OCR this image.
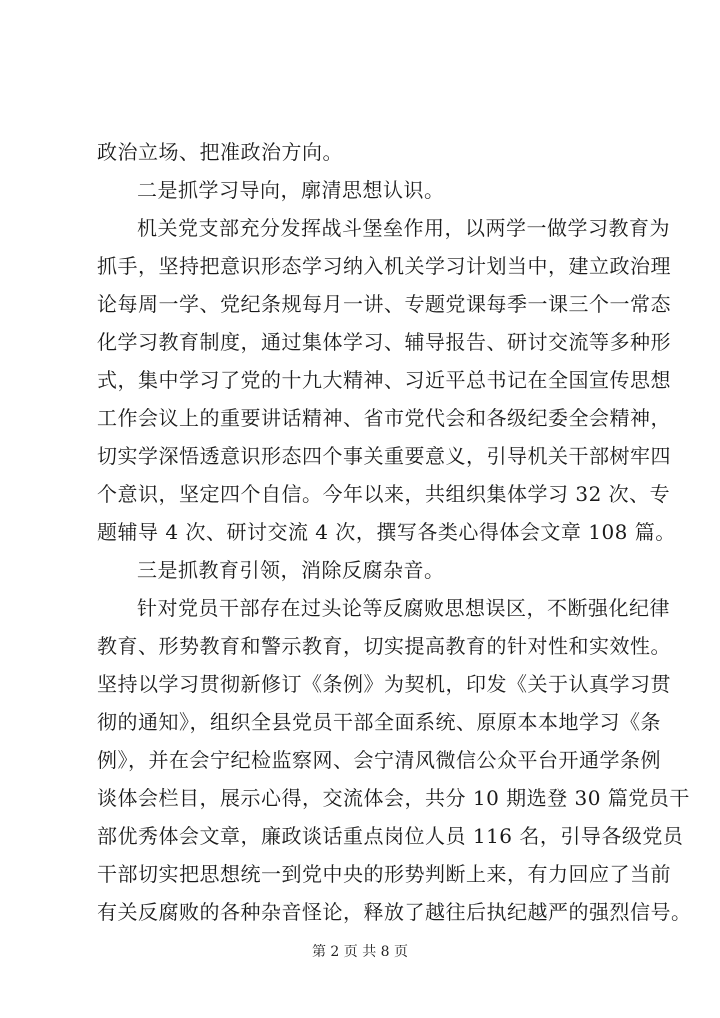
政治立场、把准政治方向。
二是抓学习导向，廓清思想认识。
机关党支部充分发挥战斗堡垒作用，以两学一做学习教育为
抓手，坚持把意识形态学习纳入机关学习计划当中，建立政治理
论每周一学、党纪条规每月一讲、专题党课每季一课三个一常态
化学习教育制度，通过集体学习、辅导报告、研讨交流等多种形
式，集中学习了党的十九大精神、习近平总书记在全国宣传思想
工作会议上的重要讲话精神、省市党代会和各级纪委全会精神，
切实学深悟透意识形态四个事关重要意义，引导机关干部树牢四
个意识，坚定四个自信。今年以来，共组织集体学习 32 次、专
题辅导 4 次、研讨交流 4 次，撰写各类心得体会文章 108 篇。
三是抓教育引领，消除反腐杂音。
针对党员干部存在过头论等反腐败思想误区，不断强化纪律
教育、形势教育和警示教育，切实提高教育的针对性和实效性。
坚持以学习贯彻新修订《条例》为契机，印发《关于认真学习贯
彻的通知》，组织全县党员干部全面系统、原原本本地学习《条
例》，并在会宁纪检监察网、会宁清风微信公众平台开通学条例
谈体会栏目，展示心得，交流体会，共分 10 期选登 30 篇党员干
部优秀体会文章，廉政谈话重点岗位人员 116 名，引导各级党员
干部切实把思想统一到党中央的形势判断上来，有力回应了当前
有关反腐败的各种杂音怪论，释放了越往后执纪越严的强烈信号。
第 2 页 共 8 页
